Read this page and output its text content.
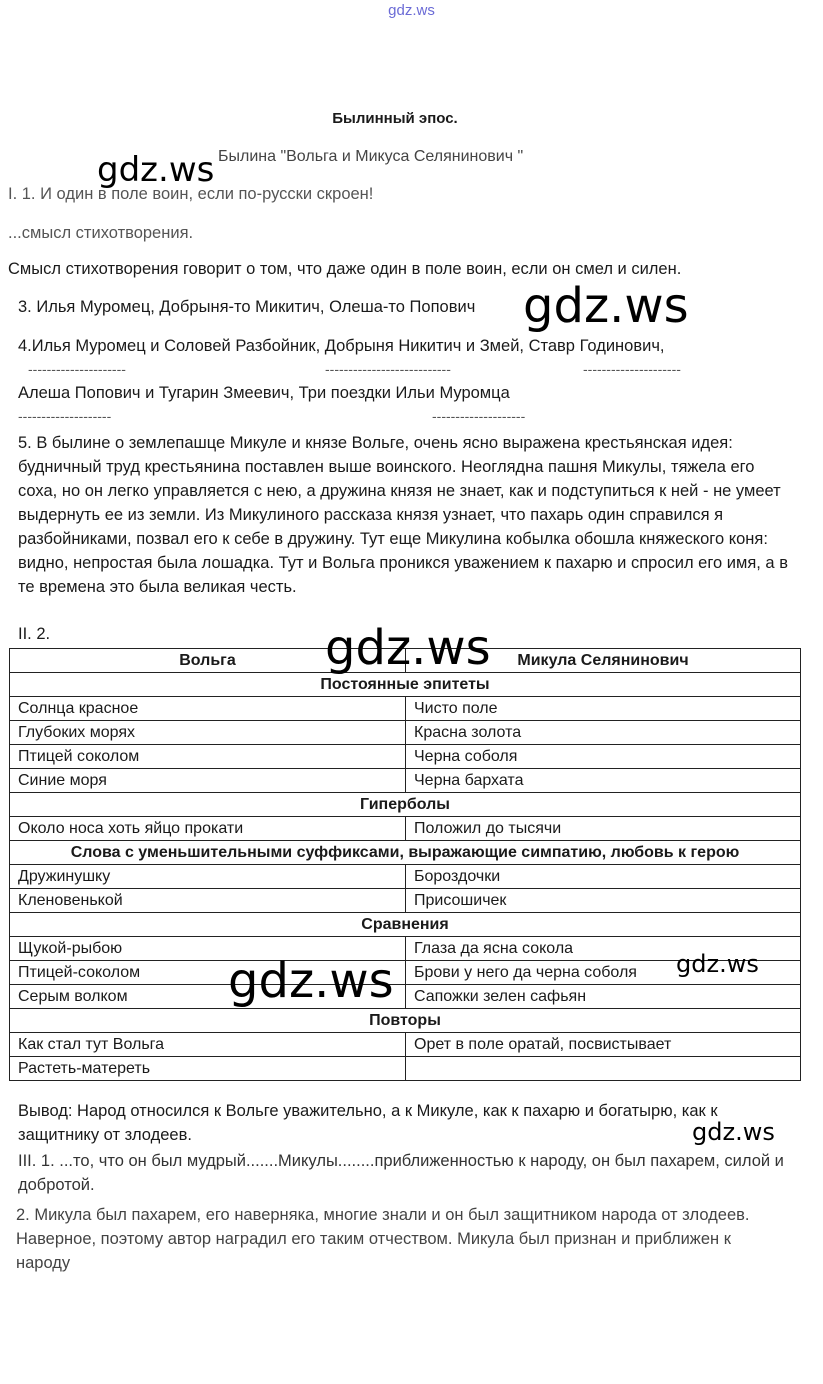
gdz.ws
Былинный эпос.
Былина "Вольга и Микуса Селянинович "
I. 1. И один в поле воин, если по-русски скроен!
...смысл стихотворения.
Смысл стихотворения говорит о том, что даже один в поле воин, если он смел и силен.
3. Илья Муромец, Добрыня-то Микитич, Олеша-то Попович
4.Илья Муромец и Соловей Разбойник, Добрыня Никитич и Змей, Ставр Годинович,
---------------------	---------------------------	---------------------
Алеша Попович и Тугарин Змеевич, Три поездки Ильи Муромца
--------------------	--------------------
5. В былине о землепашце Микуле и князе Вольге, очень ясно выражена крестьянская идея: будничный труд крестьянина поставлен выше воинского. Неоглядна пашня Микулы, тяжела его соха, но он легко управляется с нею, а дружина князя не знает, как и подступиться к ней - не умеет выдернуть ее из земли. Из Микулиного рассказа князя узнает, что пахарь один справился я разбойниками, позвал его к себе в дружину. Тут еще Микулина кобылка обошла княжеского коня: видно, непростая была лошадка. Тут и Вольга проникся уважением к пахарю и спросил его имя, а в те времена это была великая честь.
II. 2.
Вольга	Микула Селянинович
Постоянные эпитеты	
Солнца красное	Чисто поле
Глубоких морях	Красна золота
Птицей соколом	Черна соболя
Синие моря	Черна бархата
Гиперболы	
Около носа хоть яйцо прокати	Положил до тысячи
Слова с уменьшительными суффиксами, выражающие симпатию, любовь к герою	
Дружинушку	Бороздочки
Кленовенькой	Присошичек
Сравнения	
Щукой-рыбою	Глаза да ясна сокола
Птицей-соколом	Брови у него да черна соболя
Серым волком	Сапожки зелен сафьян
Повторы	
Как стал тут Вольга	Орет в поле оратай, посвистывает
Растеть-матереть	
Вывод: Народ относился к Вольге уважительно, а к Микуле, как к пахарю и богатырю, как к защитнику от злодеев.
III. 1. ...то, что он был мудрый.......Микулы........приближенностью к народу, он был пахарем, силой и добротой.
2. Микула был пахарем, его наверняка, многие знали и он был защитником народа от злодеев. Наверное, поэтому автор наградил его таким отчеством. Микула был признан и приближен к народу
gdz.ws
gdz.ws
gdz.ws
gdz.ws	gdz.ws
gdz.ws
